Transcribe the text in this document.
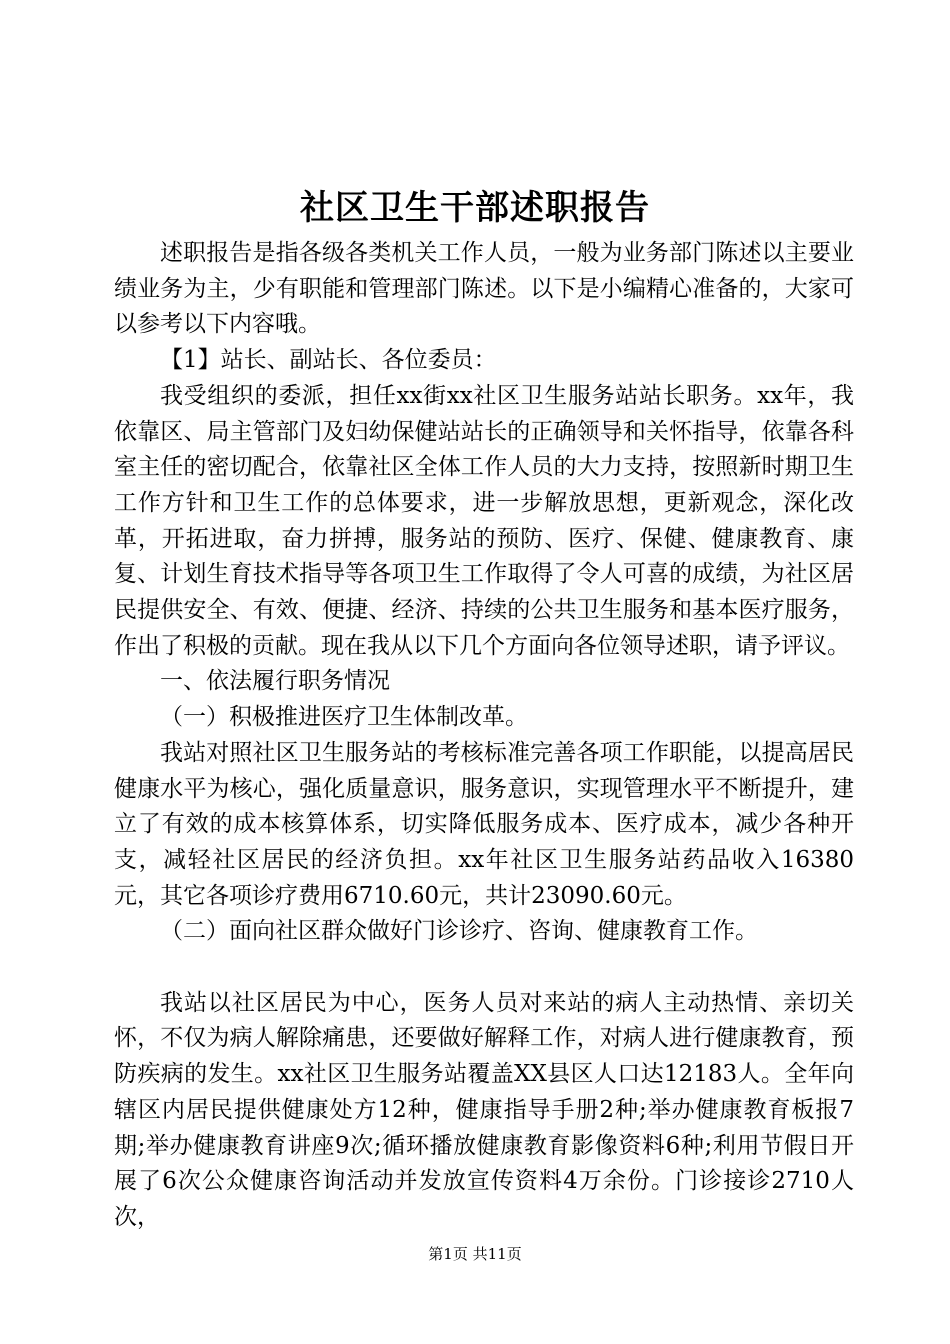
社区卫生干部述职报告

述职报告是指各级各类机关工作人员，一般为业务部门陈述以主要业绩业务为主，少有职能和管理部门陈述。以下是小编精心准备的，大家可以参考以下内容哦。

【1】站长、副站长、各位委员：

我受组织的委派，担任xx街xx社区卫生服务站站长职务。xx年，我依靠区、局主管部门及妇幼保健站站长的正确领导和关怀指导，依靠各科室主任的密切配合，依靠社区全体工作人员的大力支持，按照新时期卫生工作方针和卫生工作的总体要求，进一步解放思想，更新观念，深化改革，开拓进取，奋力拼搏，服务站的预防、医疗、保健、健康教育、康复、计划生育技术指导等各项卫生工作取得了令人可喜的成绩，为社区居民提供安全、有效、便捷、经济、持续的公共卫生服务和基本医疗服务，作出了积极的贡献。现在我从以下几个方面向各位领导述职，请予评议。

一、依法履行职务情况

（一）积极推进医疗卫生体制改革。

我站对照社区卫生服务站的考核标准完善各项工作职能，以提高居民健康水平为核心，强化质量意识，服务意识，实现管理水平不断提升，建立了有效的成本核算体系，切实降低服务成本、医疗成本，减少各种开支，减轻社区居民的经济负担。xx年社区卫生服务站药品收入16380元，其它各项诊疗费用6710.60元，共计23090.60元。

（二）面向社区群众做好门诊诊疗、咨询、健康教育工作。

我站以社区居民为中心，医务人员对来站的病人主动热情、亲切关怀，不仅为病人解除痛患，还要做好解释工作，对病人进行健康教育，预防疾病的发生。xx社区卫生服务站覆盖XX县区人口达12183人。全年向辖区内居民提供健康处方12种，健康指导手册2种;举办健康教育板报7期;举办健康教育讲座9次;循环播放健康教育影像资料6种;利用节假日开展了6次公众健康咨询活动并发放宣传资料4万余份。门诊接诊2710人次，

第1页 共11页
